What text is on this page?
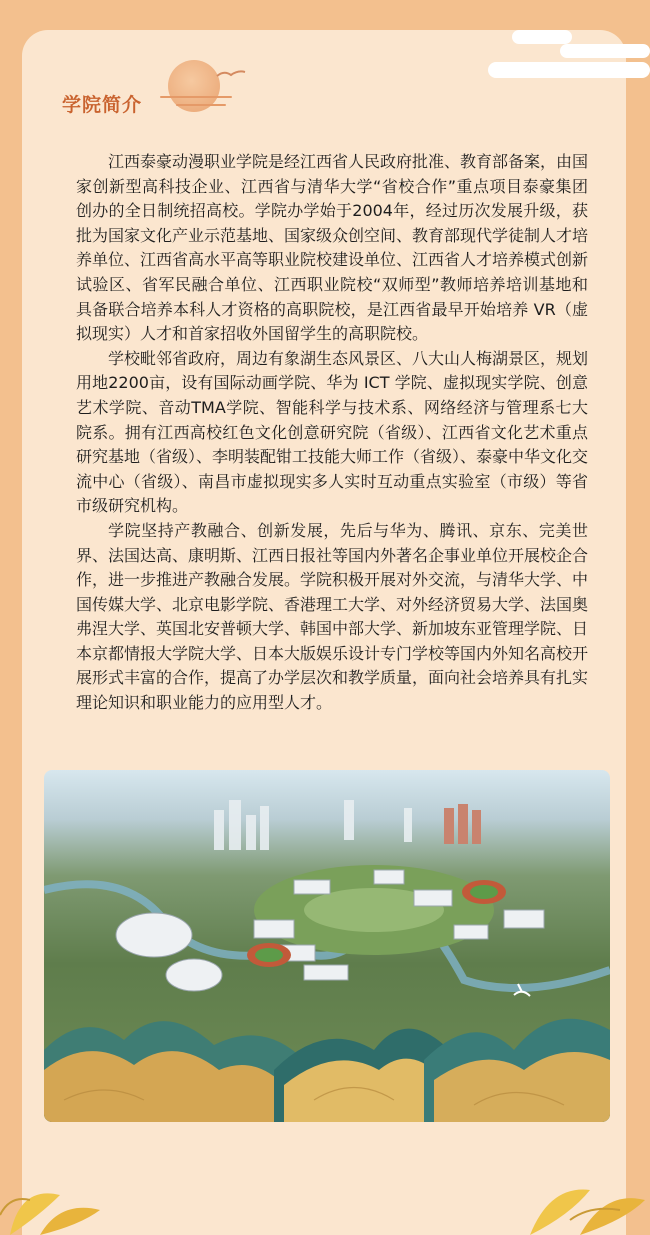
学院简介

江西泰豪动漫职业学院是经江西省人民政府批准、教育部备案，由国家创新型高科技企业、江西省与清华大学“省校合作”重点项目泰豪集团创办的全日制统招高校。学院办学始于2004年，经过历次发展升级，获批为国家文化产业示范基地、国家级众创空间、教育部现代学徒制人才培养单位、江西省高水平高等职业院校建设单位、江西省人才培养模式创新试验区、省军民融合单位、江西职业院校“双师型”教师培养培训基地和具备联合培养本科人才资格的高职院校，是江西省最早开始培养 VR（虚拟现实）人才和首家招收外国留学生的高职院校。

学校毗邻省政府，周边有象湖生态风景区、八大山人梅湖景区，规划用地2200亩，设有国际动画学院、华为 ICT 学院、虚拟现实学院、创意艺术学院、音动TMA学院、智能科学与技术系、网络经济与管理系七大院系。拥有江西高校红色文化创意研究院（省级）、江西省文化艺术重点研究基地（省级）、李明装配钳工技能大师工作（省级）、泰豪中华文化交流中心（省级）、南昌市虚拟现实多人实时互动重点实验室（市级）等省市级研究机构。

学院坚持产教融合、创新发展，先后与华为、腾讯、京东、完美世界、法国达高、康明斯、江西日报社等国内外著名企事业单位开展校企合作，进一步推进产教融合发展。学院积极开展对外交流，与清华大学、中国传媒大学、北京电影学院、香港理工大学、对外经济贸易大学、法国奥弗涅大学、英国北安普顿大学、韩国中部大学、新加坡东亚管理学院、日本京都情报大学院大学、日本大版娱乐设计专门学校等国内外知名高校开展形式丰富的合作，提高了办学层次和教学质量，面向社会培养具有扎实理论知识和职业能力的应用型人才。
